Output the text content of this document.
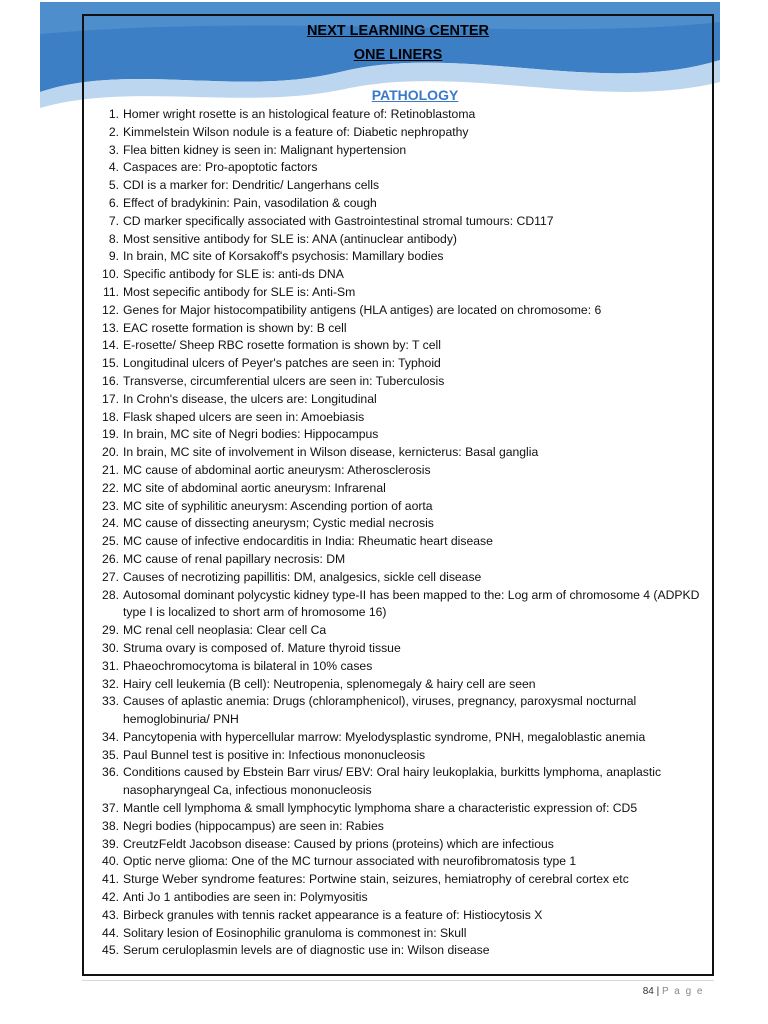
NEXT LEARNING CENTER
ONE LINERS
PATHOLOGY
1. Homer wright rosette is an histological feature of: Retinoblastoma
2. Kimmelstein Wilson nodule is a feature of: Diabetic nephropathy
3. Flea bitten kidney is seen in: Malignant hypertension
4. Caspaces are: Pro-apoptotic factors
5. CDI is a marker for: Dendritic/ Langerhans cells
6. Effect of bradykinin: Pain, vasodilation & cough
7. CD marker specifically associated with Gastrointestinal stromal tumours: CD117
8. Most sensitive antibody for SLE is: ANA (antinuclear antibody)
9. In brain, MC site of Korsakoff's psychosis: Mamillary bodies
10. Specific antibody for SLE is: anti-ds DNA
11. Most sepecific antibody for SLE is: Anti-Sm
12. Genes for Major histocompatibility antigens (HLA antiges) are located on chromosome: 6
13. EAC rosette formation is shown by: B cell
14. E-rosette/ Sheep RBC rosette formation is shown by: T cell
15. Longitudinal ulcers of Peyer's patches are seen in: Typhoid
16. Transverse, circumferential ulcers are seen in: Tuberculosis
17. In Crohn's disease, the ulcers are: Longitudinal
18. Flask shaped ulcers are seen in: Amoebiasis
19. In brain, MC site of Negri bodies: Hippocampus
20. In brain, MC site of involvement in Wilson disease, kernicterus: Basal ganglia
21. MC cause of abdominal aortic aneurysm: Atherosclerosis
22. MC site of abdominal aortic aneurysm: Infrarenal
23. MC site of syphilitic aneurysm: Ascending portion of aorta
24. MC cause of dissecting aneurysm; Cystic medial necrosis
25. MC cause of infective endocarditis in India: Rheumatic heart disease
26. MC cause of renal papillary necrosis: DM
27. Causes of necrotizing papillitis: DM, analgesics, sickle cell disease
28. Autosomal dominant polycystic kidney type-II has been mapped to the: Log arm of chromosome 4 (ADPKD type I is localized to short arm of hromosome 16)
29. MC renal cell neoplasia: Clear cell Ca
30. Struma ovary is composed of. Mature thyroid tissue
31. Phaeochromocytoma is bilateral in 10% cases
32. Hairy cell leukemia (B cell): Neutropenia, splenomegaly & hairy cell are seen
33. Causes of aplastic anemia: Drugs (chloramphenicol), viruses, pregnancy, paroxysmal nocturnal hemoglobinuria/ PNH
34. Pancytopenia with hypercellular marrow: Myelodysplastic syndrome, PNH, megaloblastic anemia
35. Paul Bunnel test is positive in: Infectious mononucleosis
36. Conditions caused by Ebstein Barr virus/ EBV: Oral hairy leukoplakia, burkitts lymphoma, anaplastic nasopharyngeal Ca, infectious mononucleosis
37. Mantle cell lymphoma & small lymphocytic lymphoma share a characteristic expression of: CD5
38. Negri bodies (hippocampus) are seen in: Rabies
39. CreutzFeldt Jacobson disease: Caused by prions (proteins) which are infectious
40. Optic nerve glioma: One of the MC turnour associated with neurofibromatosis type 1
41. Sturge Weber syndrome features: Portwine stain, seizures, hemiatrophy of cerebral cortex etc
42. Anti Jo 1 antibodies are seen in: Polymyositis
43. Birbeck granules with tennis racket appearance is a feature of: Histiocytosis X
44. Solitary lesion of Eosinophilic granuloma is commonest in: Skull
45. Serum ceruloplasmin levels are of diagnostic use in: Wilson disease
84 | P a g e
